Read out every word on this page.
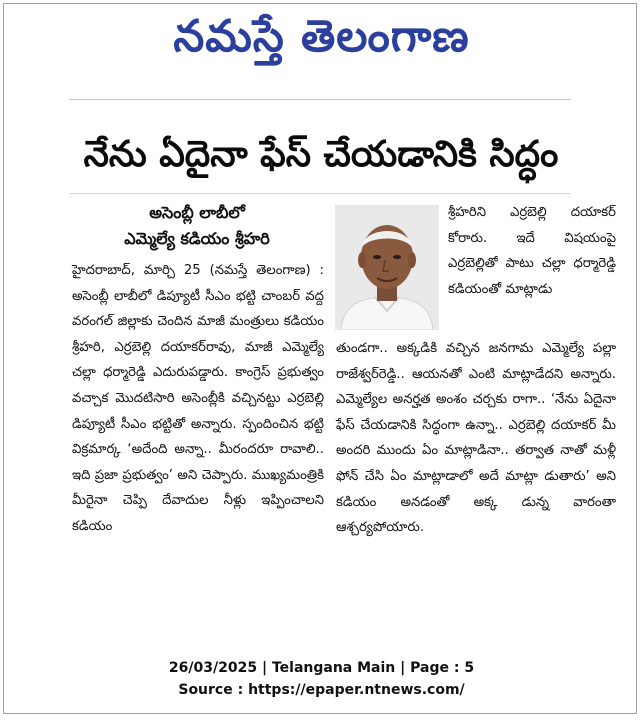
నమస్తే తెలంగాణ
నేను ఏదైనా ఫేస్ చేయడానికి సిద్ధం
అసెంబ్లీ లాబీలో
ఎమ్మెల్యే కడియం శ్రీహరి

హైదరాబాద్, మార్చి 25 (నమస్తే తెలంగాణ) : అసెంబ్లీ లాబీలో డిప్యూటీ సీఎం భట్టి చాంబర్ వద్ద వరంగల్ జిల్లాకు చెందిన మాజీ మంత్రులు కడియం శ్రీహరి, ఎర్రబెల్లి దయాకర్‌రావు, మాజీ ఎమ్మెల్యే చల్లా ధర్మారెడ్డి ఎదురుపడ్డారు. కాంగ్రెస్ ప్రభుత్వం వచ్చాక మొదటిసారి అసెంబ్లీకి వచ్చినట్టు ఎర్రబెల్లి డిప్యూటీ సీఎం భట్టితో అన్నారు. స్పందించిన భట్టి విక్రమార్క ‘అదేంది అన్నా.. మీరందరూ రావాలి.. ఇది ప్రజా ప్రభుత్వం’ అని చెప్పారు. ముఖ్యమంత్రికి మీరైనా చెప్పి దేవాదుల నీళ్లు ఇప్పించాలని కడియం

శ్రీహరిని ఎర్రబెల్లి దయాకర్ కోరారు. ఇదే విషయంపై ఎర్రబెల్లితో పాటు చల్లా ధర్మారెడ్డి కడియంతో మాట్లాడు

తుండగా.. అక్కడికి వచ్చిన జనగామ ఎమ్మెల్యే పల్లా రాజేశ్వర్‌రెడ్డి.. ఆయనతో ఎంటి మాట్లాడేదని అన్నారు. ఎమ్మెల్యేల అనర్హత అంశం చర్చకు రాగా.. ‘నేను ఏదైనా ఫేస్ చేయడానికి సిద్ధంగా ఉన్నా.. ఎర్రబెల్లి దయాకర్ మీ అందరి ముందు ఏం మాట్లాడినా.. తర్వాత నాతో మళ్లీ ఫోన్ చేసి ఏం మాట్లాడాలో అదే మాట్లా డుతారు’ అని కడియం అనడంతో అక్క డున్న వారంతా ఆశ్చర్యపోయారు.

26/03/2025 | Telangana Main | Page : 5
Source : https://epaper.ntnews.com/
